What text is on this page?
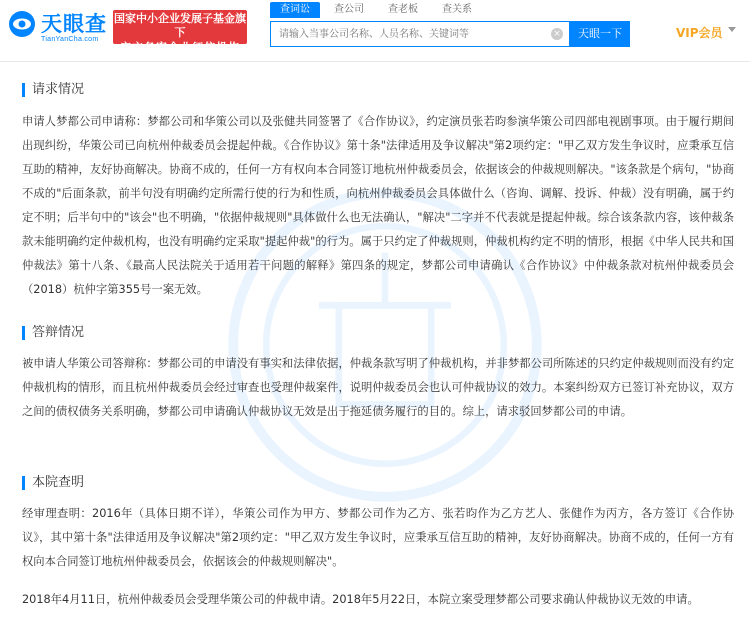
天眼查
TianYanCha.com
国家中小企业发展子基金旗下
官方备案企业征信机构
查词讼	查公司	查老板	查关系
请输入当事公司名称、人员名称、关键词等
×	天眼一下	VIP会员
请求情况
申请人梦都公司申请称：梦都公司和华策公司以及张健共同签署了《合作协议》，约定演员张若昀参演华策公司四部电视剧事项。由于履行期间出现纠纷，华策公司已向杭州仲裁委员会提起仲裁。《合作协议》第十条"法律适用及争议解决"第2项约定："甲乙双方发生争议时，应秉承互信互助的精神，友好协商解决。协商不成的，任何一方有权向本合同签订地杭州仲裁委员会，依据该会的仲裁规则解决。"该条款是个病句，"协商不成的"后面条款，前半句没有明确约定所需行使的行为和性质，向杭州仲裁委员会具体做什么（咨询、调解、投诉、仲裁）没有明确，属于约定不明；后半句中的"该会"也不明确，"依据仲裁规则"具体做什么也无法确认，"解决"二字并不代表就是提起仲裁。综合该条款内容，该仲裁条款未能明确约定仲裁机构，也没有明确约定采取"提起仲裁"的行为。属于只约定了仲裁规则，仲裁机构约定不明的情形，根据《中华人民共和国仲裁法》第十八条、《最高人民法院关于适用若干问题的解释》第四条的规定，梦都公司申请确认《合作协议》中仲裁条款对杭州仲裁委员会（2018）杭仲字第355号一案无效。
答辩情况
被申请人华策公司答辩称：梦都公司的申请没有事实和法律依据，仲裁条款写明了仲裁机构，并非梦都公司所陈述的只约定仲裁规则而没有约定仲裁机构的情形，而且杭州仲裁委员会经过审查也受理仲裁案件，说明仲裁委员会也认可仲裁协议的效力。本案纠纷双方已签订补充协议，双方之间的债权债务关系明确，梦都公司申请确认仲裁协议无效是出于拖延债务履行的目的。综上，请求驳回梦都公司的申请。
本院查明
经审理查明：2016年（具体日期不详），华策公司作为甲方、梦都公司作为乙方、张若昀作为乙方艺人、张健作为丙方，各方签订《合作协议》，其中第十条"法律适用及争议解决"第2项约定："甲乙双方发生争议时，应秉承互信互助的精神，友好协商解决。协商不成的，任何一方有权向本合同签订地杭州仲裁委员会，依据该会的仲裁规则解决"。
2018年4月11日，杭州仲裁委员会受理华策公司的仲裁申请。2018年5月22日，本院立案受理梦都公司要求确认仲裁协议无效的申请。
